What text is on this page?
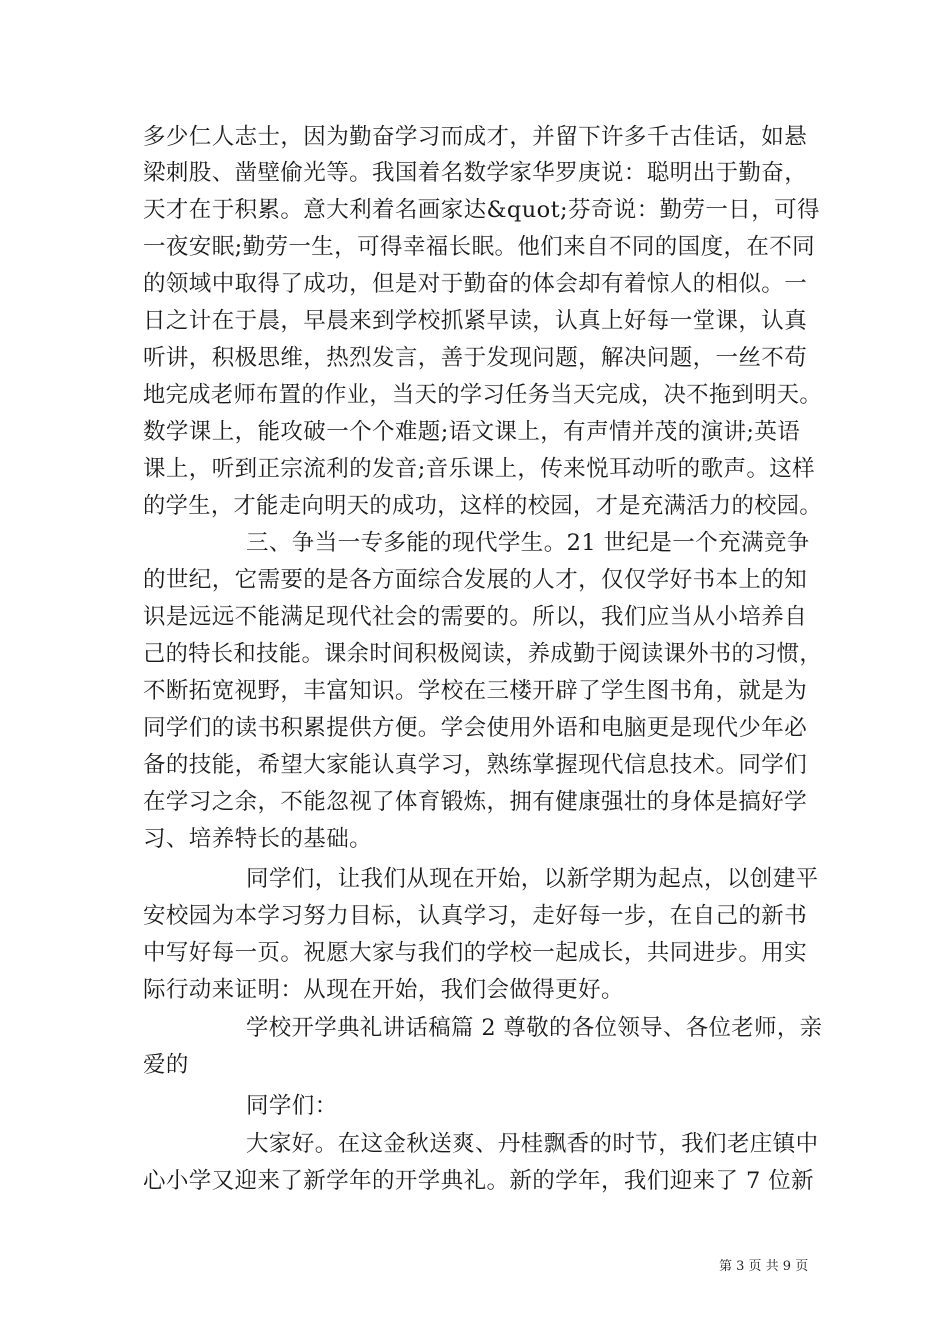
多少仁人志士，因为勤奋学习而成才，并留下许多千古佳话，如悬
梁刺股、凿壁偷光等。我国着名数学家华罗庚说：聪明出于勤奋，
天才在于积累。意大利着名画家达&quot;芬奇说：勤劳一日，可得
一夜安眠;勤劳一生，可得幸福长眠。他们来自不同的国度，在不同
的领域中取得了成功，但是对于勤奋的体会却有着惊人的相似。一
日之计在于晨，早晨来到学校抓紧早读，认真上好每一堂课，认真
听讲，积极思维，热烈发言，善于发现问题，解决问题，一丝不苟
地完成老师布置的作业，当天的学习任务当天完成，决不拖到明天。
数学课上，能攻破一个个难题;语文课上，有声情并茂的演讲;英语
课上，听到正宗流利的发音;音乐课上，传来悦耳动听的歌声。这样
的学生，才能走向明天的成功，这样的校园，才是充满活力的校园。
三、争当一专多能的现代学生。21 世纪是一个充满竞争
的世纪，它需要的是各方面综合发展的人才，仅仅学好书本上的知
识是远远不能满足现代社会的需要的。所以，我们应当从小培养自
己的特长和技能。课余时间积极阅读，养成勤于阅读课外书的习惯，
不断拓宽视野，丰富知识。学校在三楼开辟了学生图书角，就是为
同学们的读书积累提供方便。学会使用外语和电脑更是现代少年必
备的技能，希望大家能认真学习，熟练掌握现代信息技术。同学们
在学习之余，不能忽视了体育锻炼，拥有健康强壮的身体是搞好学
习、培养特长的基础。
同学们，让我们从现在开始，以新学期为起点，以创建平
安校园为本学习努力目标，认真学习，走好每一步，在自己的新书
中写好每一页。祝愿大家与我们的学校一起成长，共同进步。用实
际行动来证明：从现在开始，我们会做得更好。
学校开学典礼讲话稿篇 2 尊敬的各位领导、各位老师，亲
爱的
同学们：
大家好。在这金秋送爽、丹桂飘香的时节，我们老庄镇中
心小学又迎来了新学年的开学典礼。新的学年，我们迎来了 7 位新
第 3 页 共 9 页
